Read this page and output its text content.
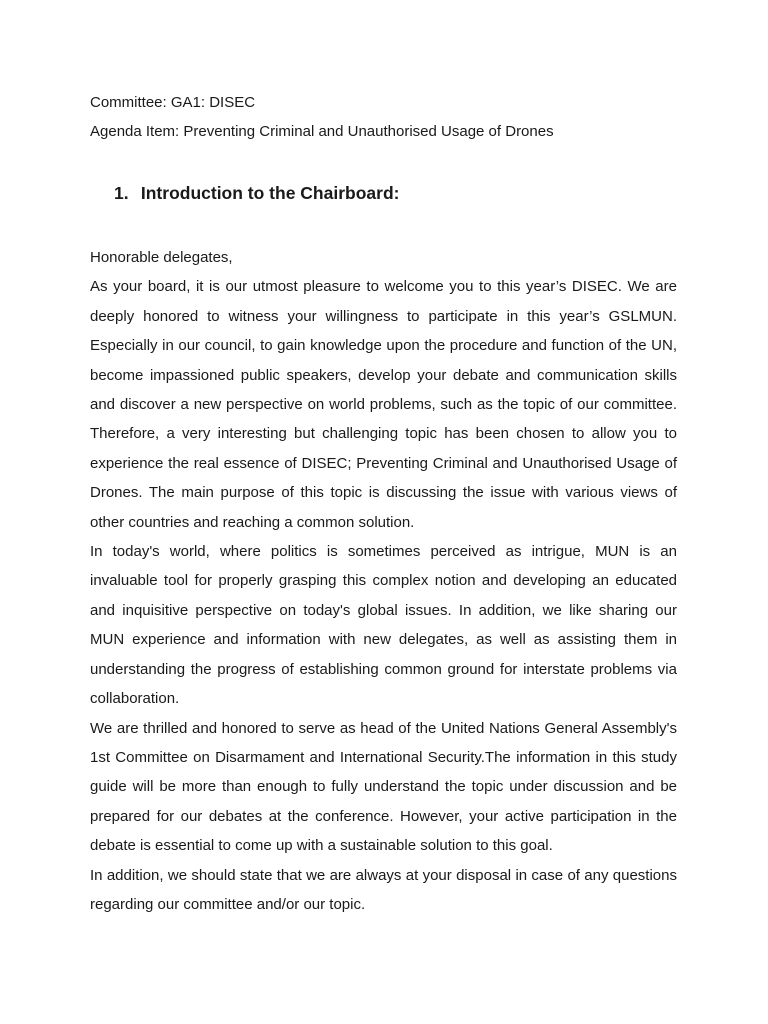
Committee: GA1: DISEC
Agenda Item: Preventing Criminal and Unauthorised Usage of Drones
1. Introduction to the Chairboard:

Honorable delegates,

As your board, it is our utmost pleasure to welcome you to this year’s DISEC. We are deeply honored to witness your willingness to participate in this year’s GSLMUN. Especially in our council, to gain knowledge upon the procedure and function of the UN, become impassioned public speakers, develop your debate and communication skills and discover a new perspective on world problems, such as the topic of our committee. Therefore, a very interesting but challenging topic has been chosen to allow you to experience the real essence of DISEC; Preventing Criminal and Unauthorised Usage of Drones. The main purpose of this topic is discussing the issue with various views of other countries and reaching a common solution.

In today's world, where politics is sometimes perceived as intrigue, MUN is an invaluable tool for properly grasping this complex notion and developing an educated and inquisitive perspective on today's global issues. In addition, we like sharing our MUN experience and information with new delegates, as well as assisting them in understanding the progress of establishing common ground for interstate problems via collaboration.

We are thrilled and honored to serve as head of the United Nations General Assembly's 1st Committee on Disarmament and International Security.The information in this study guide will be more than enough to fully understand the topic under discussion and be prepared for our debates at the conference. However, your active participation in the debate is essential to come up with a sustainable solution to this goal.

In addition, we should state that we are always at your disposal in case of any questions regarding our committee and/or our topic.
